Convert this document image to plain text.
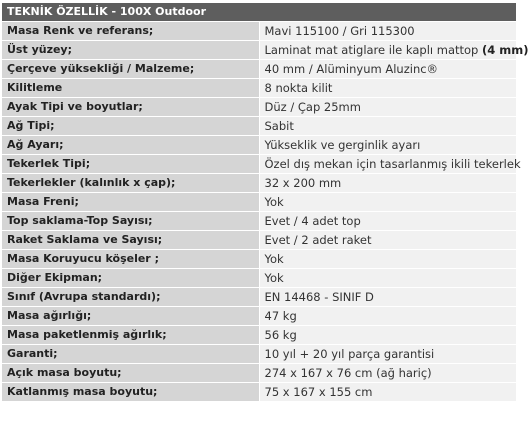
TEKNİK ÖZELLİK - 100X Outdoor	
Masa Renk ve referans;	Mavi 115100 / Gri 115300
Üst yüzey;	Laminat mat atiglare ile kaplı mattop (4 mm)
Çerçeve yüksekliği / Malzeme;	40 mm / Alüminyum Aluzinc®
Kilitleme	8 nokta kilit
Ayak Tipi ve boyutlar;	Düz / Çap 25mm
Ağ Tipi;	Sabit
Ağ Ayarı;	Yükseklik ve gerginlik ayarı
Tekerlek Tipi;	Özel dış mekan için tasarlanmış ikili tekerlek
Tekerlekler (kalınlık x çap);	32 x 200 mm
Masa Freni;	Yok
Top saklama-Top Sayısı;	Evet / 4 adet top
Raket Saklama ve Sayısı;	Evet / 2 adet raket
Masa Koruyucu köşeler ;	Yok
Diğer Ekipman;	Yok
Sınıf (Avrupa standardı);	EN 14468 - SINIF D
Masa ağırlığı;	47 kg
Masa paketlenmiş ağırlık;	56 kg
Garanti;	10 yıl + 20 yıl parça garantisi
Açık masa boyutu;	274 x 167 x 76 cm (ağ hariç)
Katlanmış masa boyutu;	75 x 167 x 155 cm
